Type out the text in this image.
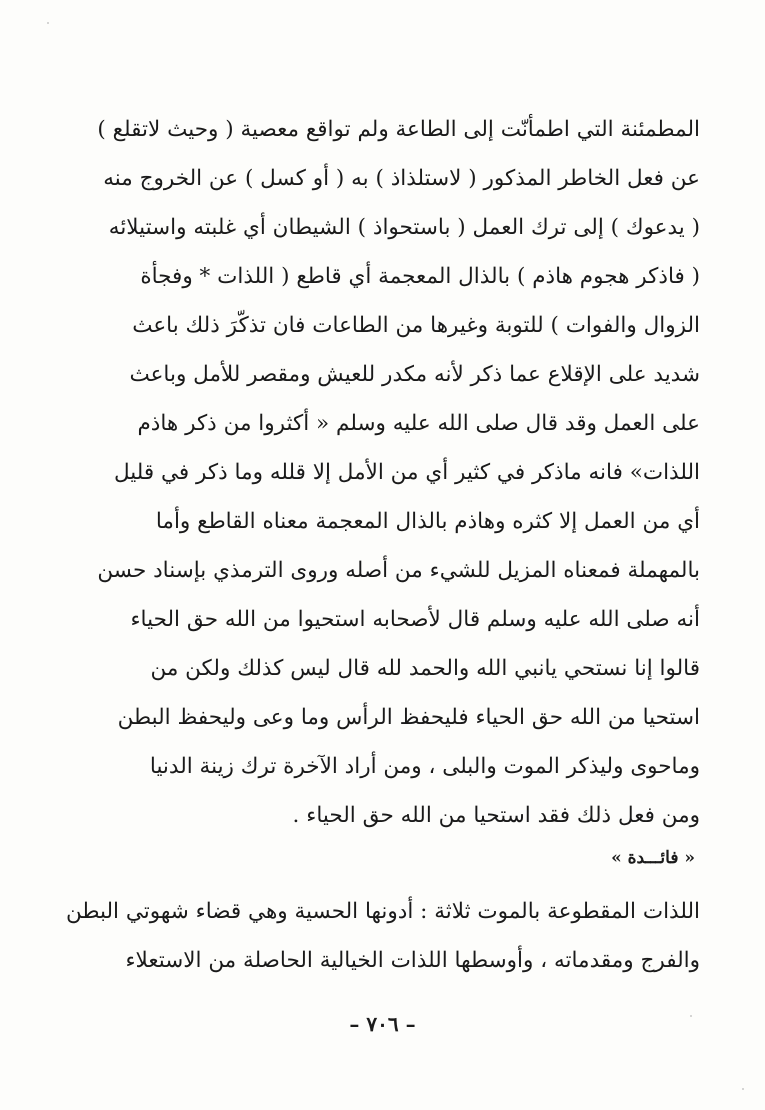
المطمئنة التي اطمأنّت إلى الطاعة ولم تواقع معصية ( وحيث لاتقلع )
عن فعل الخاطر المذكور ( لاستلذاذ ) به ( أو كسل ) عن الخروج منه
( يدعوك ) إلى ترك العمل ( باستحواذ ) الشيطان أي غلبته واستيلائه
( فاذكر هجوم هاذم ) بالذال المعجمة أي قاطع ( اللذات * وفجأة
الزوال والفوات ) للتوبة وغيرها من الطاعات فان تذكّرَ ذلك باعث
شديد على الإقلاع عما ذكر لأنه مكدر للعيش ومقصر للأمل وباعث
على العمل وقد قال صلى الله عليه وسلم « أكثروا من ذكر هاذم
اللذات» فانه ماذكر في كثير أي من الأمل إلا قلله وما ذكر في قليل
أي من العمل إلا كثره وهاذم بالذال المعجمة معناه القاطع وأما
بالمهملة فمعناه المزيل للشيء من أصله وروى الترمذي بإسناد حسن
أنه صلى الله عليه وسلم قال لأصحابه استحيوا من الله حق الحياء
قالوا إنا نستحي يانبي الله والحمد لله قال ليس كذلك ولكن من
استحيا من الله حق الحياء فليحفظ الرأس وما وعى وليحفظ البطن
وماحوى وليذكر الموت والبلى ، ومن أراد الآخرة ترك زينة الدنيا
ومن فعل ذلك فقد استحيا من الله حق الحياء .
« فائـــدة »
اللذات المقطوعة بالموت ثلاثة : أدونها الحسية وهي قضاء شهوتي البطن
والفرج ومقدماته ، وأوسطها اللذات الخيالية الحاصلة من الاستعلاء
– ٧٠٦ –
